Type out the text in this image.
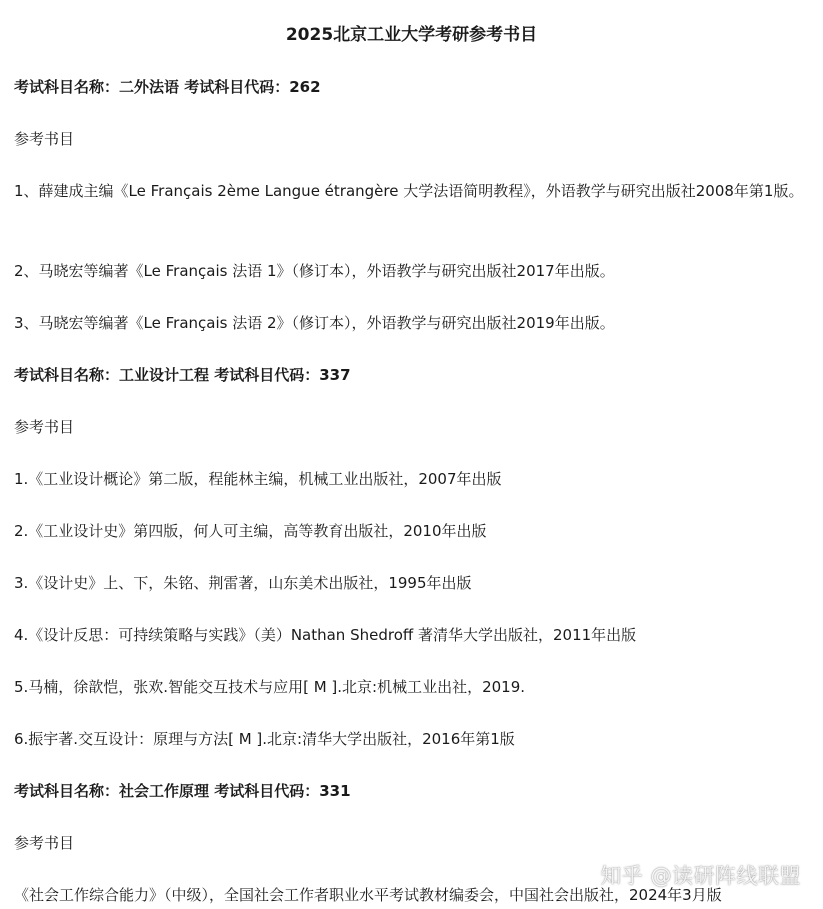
2025北京工业大学考研参考书目

考试科目名称：二外法语 考试科目代码：262

参考书目

1、薛建成主编《Le Français 2ème Langue étrangère 大学法语简明教程》，外语教学与研究出版社2008年第1版。

2、马晓宏等编著《Le Français 法语 1》（修订本），外语教学与研究出版社2017年出版。

3、马晓宏等编著《Le Français 法语 2》（修订本），外语教学与研究出版社2019年出版。

考试科目名称：工业设计工程 考试科目代码：337

参考书目

1.《工业设计概论》第二版，程能林主编，机械工业出版社，2007年出版

2.《工业设计史》第四版，何人可主编，高等教育出版社，2010年出版

3.《设计史》上、下，朱铭、荆雷著，山东美术出版社，1995年出版

4.《设计反思：可持续策略与实践》（美）Nathan Shedroff 著清华大学出版社，2011年出版

5.马楠，徐歆恺，张欢.智能交互技术与应用[ M ].北京:机械工业出社，2019.

6.振宇著.交互设计：原理与方法[ M ].北京:清华大学出版社，2016年第1版

考试科目名称：社会工作原理 考试科目代码：331

参考书目

《社会工作综合能力》（中级），全国社会工作者职业水平考试教材编委会，中国社会出版社，2024年3月版

知乎 @读研阵线联盟
